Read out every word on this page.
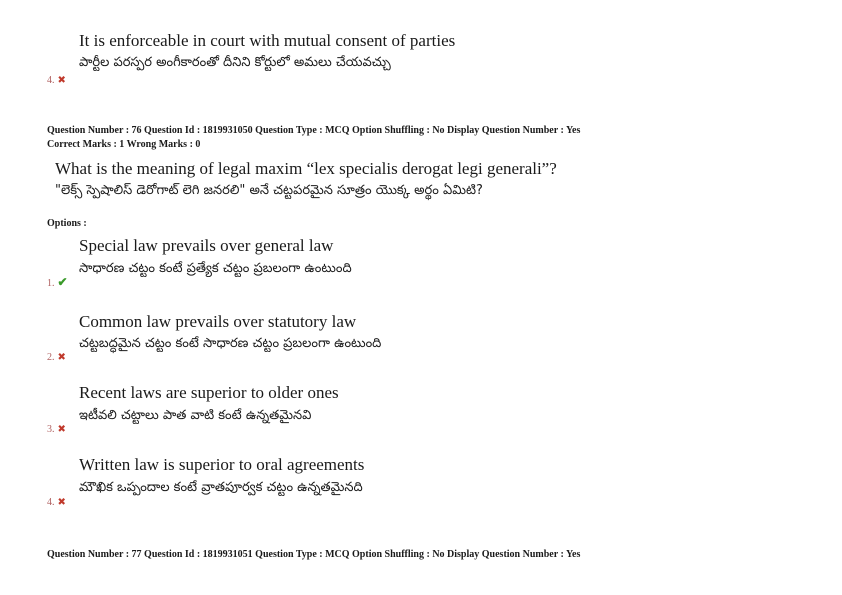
It is enforceable in court with mutual consent of parties
పార్టీల పరస్పర అంగీకారంతో దీనిని కోర్టులో అమలు చేయవచ్చు
4. ✖
Question Number : 76 Question Id : 1819931050 Question Type : MCQ Option Shuffling : No Display Question Number : Yes
Correct Marks : 1 Wrong Marks : 0
What is the meaning of legal maxim “lex specialis derogat legi generali”?
"లెక్స్ స్పెషాలిస్ డెరోగాట్ లెగి జనరలి" అనే చట్టపరమైన సూత్రం యొక్క అర్థం ఏమిటి?
Options :
Special law prevails over general law
సాధారణ చట్టం కంటే ప్రత్యేక చట్టం ప్రబలంగా ఉంటుంది
1. ✔
Common law prevails over statutory law
చట్టబద్ధమైన చట్టం కంటే సాధారణ చట్టం ప్రబలంగా ఉంటుంది
2. ✖
Recent laws are superior to older ones
ఇటీవలి చట్టాలు పాత వాటి కంటే ఉన్నతమైనవి
3. ✖
Written law is superior to oral agreements
మౌఖిక ఒప్పందాల కంటే వ్రాతపూర్వక చట్టం ఉన్నతమైనది
4. ✖
Question Number : 77 Question Id : 1819931051 Question Type : MCQ Option Shuffling : No Display Question Number : Yes
